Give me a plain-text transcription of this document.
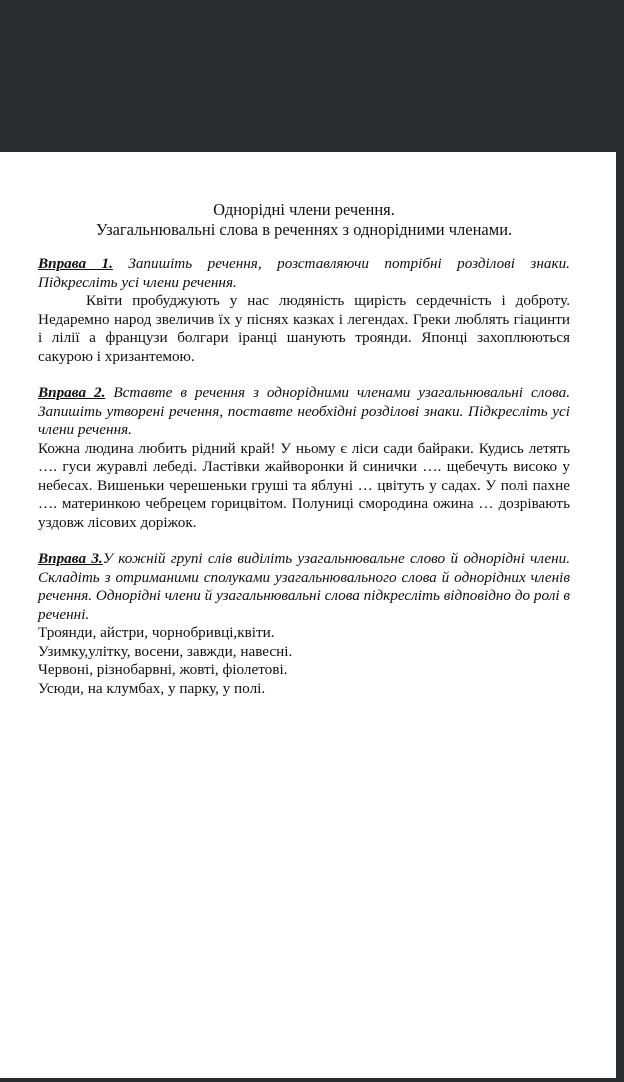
Однорідні члени речення.
Узагальнювальні слова в реченнях з однорідними членами.
Вправа 1. Запишіть речення, розставляючи потрібні розділові знаки. Підкресліть усі члени речення.
Квіти пробуджують у нас людяність щирість сердечність і доброту. Недаремно народ звеличив їх у піснях казках і легендах. Греки люблять гіацинти і лілії а французи болгари іранці шанують троянди. Японці захоплюються сакурою і хризантемою.
Вправа 2. Вставте в речення з однорідними членами узагальнювальні слова. Запишіть утворені речення, поставте необхідні розділові знаки. Підкресліть усі члени речення.
Кожна людина любить рідний край! У ньому є ліси сади байраки. Кудись летять …. гуси журавлі лебеді. Ластівки жайворонки й синички …. щебечуть високо у небесах. Вишеньки черешеньки груші та яблуні … цвітуть у садах. У полі пахне …. материнкою чебрецем горицвітом. Полуниці смородина ожина … дозрівають уздовж лісових доріжок.
Вправа 3.У кожній групі слів виділіть узагальнювальне слово й однорідні члени. Складіть з отриманими сполуками узагальнювального слова й однорідних членів речення. Однорідні члени й узагальнювальні слова підкресліть відповідно до ролі в реченні.
Троянди, айстри, чорнобривці,квіти.
Узимку,улітку, восени, завжди, навесні.
Червоні, різнобарвні, жовті, фіолетові.
Усюди, на клумбах, у парку, у полі.
